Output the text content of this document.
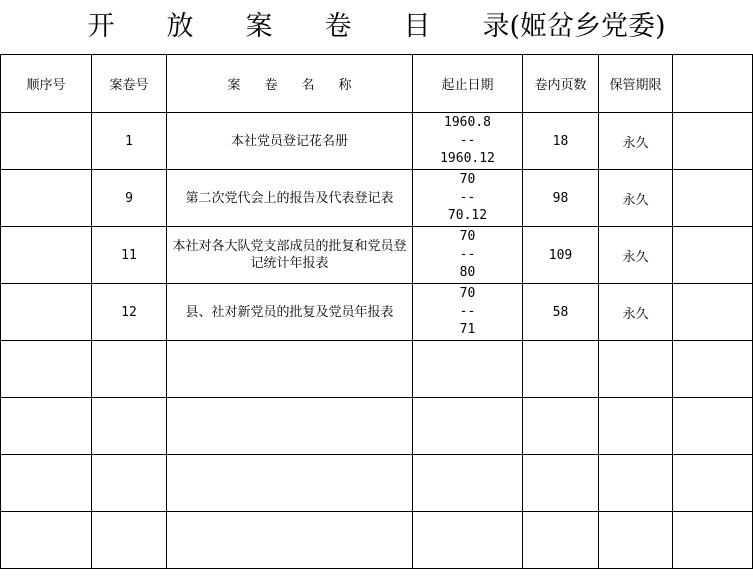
开 放 案 卷 目 录(姬岔乡党委)
顺序号	案卷号	案 卷 名 称	起止日期	卷内页数	保管期限	
	1	本社党员登记花名册	1960.8
--
1960.12	18	永久	
	9	第二次党代会上的报告及代表登记表	70
--
70.12	98	永久	
	11	本社对各大队党支部成员的批复和党员登记统计年报表	70
--
80	109	永久	
	12	县、社对新党员的批复及党员年报表	70
--
71	58	永久	
